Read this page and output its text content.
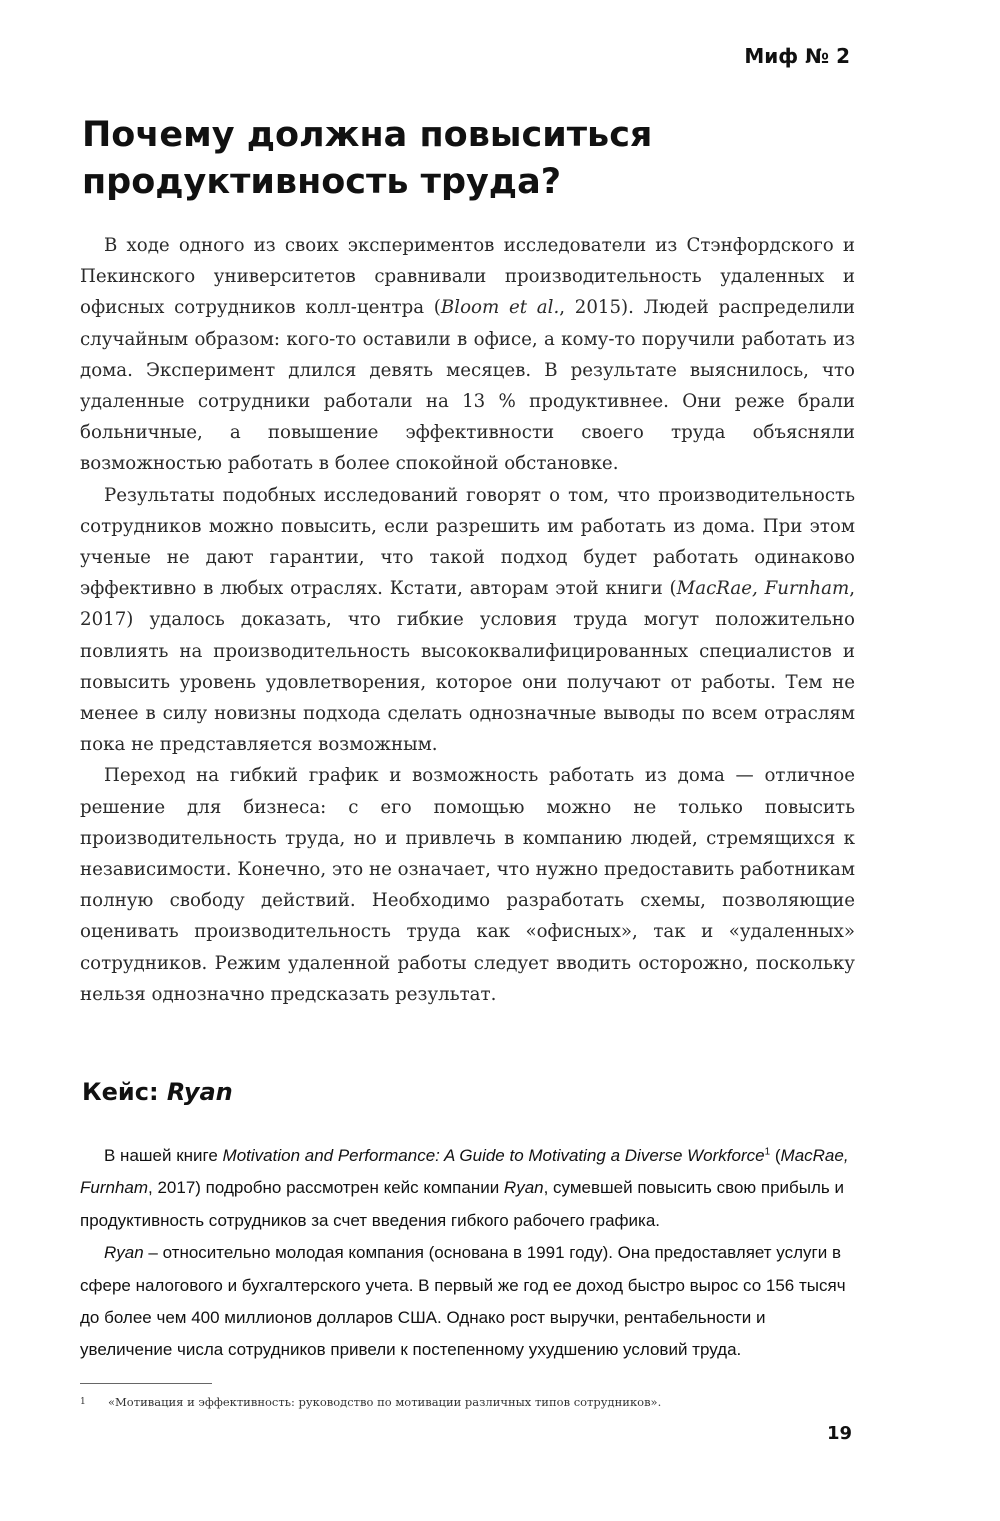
Миф № 2

Почему должна повыситься продуктивность труда?

В ходе одного из своих экспериментов исследователи из Стэнфордского и Пекинского университетов сравнивали производительность удаленных и офисных сотрудников колл-центра (Bloom et al., 2015). Людей распределили случайным образом: кого-то оставили в офисе, а кому-то поручили работать из дома. Эксперимент длился девять месяцев. В результате выяснилось, что удаленные сотрудники работали на 13 % продуктивнее. Они реже брали больничные, а повышение эффективности своего труда объясняли возможностью работать в более спокойной обстановке.

Результаты подобных исследований говорят о том, что производительность сотрудников можно повысить, если разрешить им работать из дома. При этом ученые не дают гарантии, что такой подход будет работать одинаково эффективно в любых отраслях. Кстати, авторам этой книги (MacRae, Furnham, 2017) удалось доказать, что гибкие условия труда могут положительно повлиять на производительность высококвалифицированных специалистов и повысить уровень удовлетворения, которое они получают от работы. Тем не менее в силу новизны подхода сделать однозначные выводы по всем отраслям пока не представляется возможным.

Переход на гибкий график и возможность работать из дома — отличное решение для бизнеса: с его помощью можно не только повысить производительность труда, но и привлечь в компанию людей, стремящихся к независимости. Конечно, это не означает, что нужно предоставить работникам полную свободу действий. Необходимо разработать схемы, позволяющие оценивать производительность труда как «офисных», так и «удаленных» сотрудников. Режим удаленной работы следует вводить осторожно, поскольку нельзя однозначно предсказать результат.

Кейс: Ryan

В нашей книге Motivation and Performance: A Guide to Motivating a Diverse Workforce$^1$ (MacRae, Furnham, 2017) подробно рассмотрен кейс компании Ryan, сумевшей повысить свою прибыль и продуктивность сотрудников за счет введения гибкого рабочего графика.

Ryan – относительно молодая компания (основана в 1991 году). Она предоставляет услуги в сфере налогового и бухгалтерского учета. В первый же год ее доход быстро вырос со 156 тысяч до более чем 400 миллионов долларов США. Однако рост выручки, рентабельности и увеличение числа сотрудников привели к постепенному ухудшению условий труда.

1 «Мотивация и эффективность: руководство по мотивации различных типов сотрудников».

19
